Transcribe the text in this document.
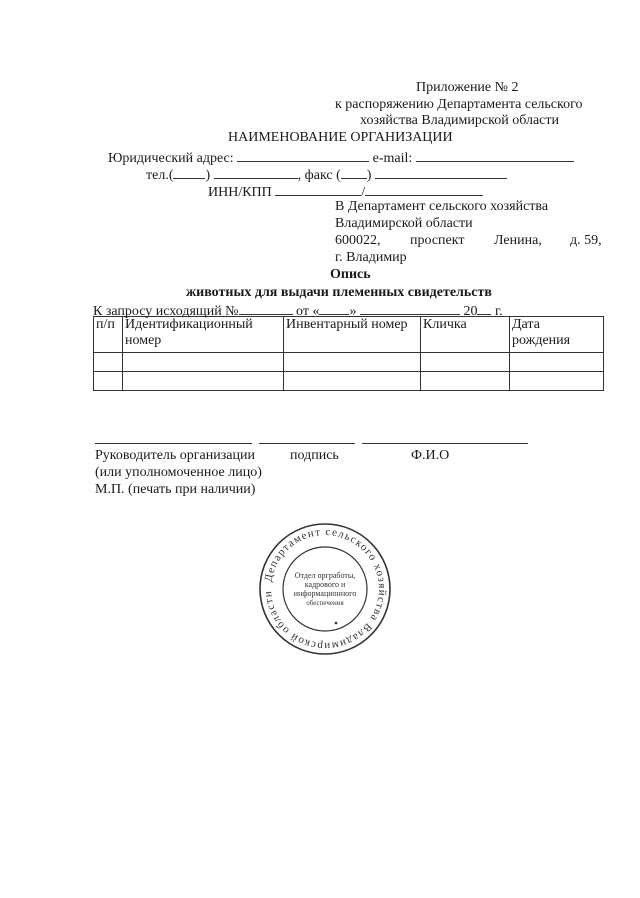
Приложение № 2
к распоряжению Департамента сельского
хозяйства Владимирской области
НАИМЕНОВАНИЕ ОРГАНИЗАЦИИ
Юридический адрес:	e-mail:
тел.( )	, факс ( )
ИНН/КПП	/
В Департамент сельского хозяйства
Владимирской области
600022, проспект Ленина, д. 59,
г. Владимир
Опись
животных для выдачи племенных свидетельств
К запросу исходящий №	от « »	20 г.
п/п	Идентификационный номер	Инвентарный номер	Кличка	Дата рождения

Руководитель организации	подпись	Ф.И.О
(или уполномоченное лицо)
М.П. (печать при наличии)
Департамент сельского хозяйства Владимирской области
Отдел оргработы,
кадрового и
информационного
обеспечения
